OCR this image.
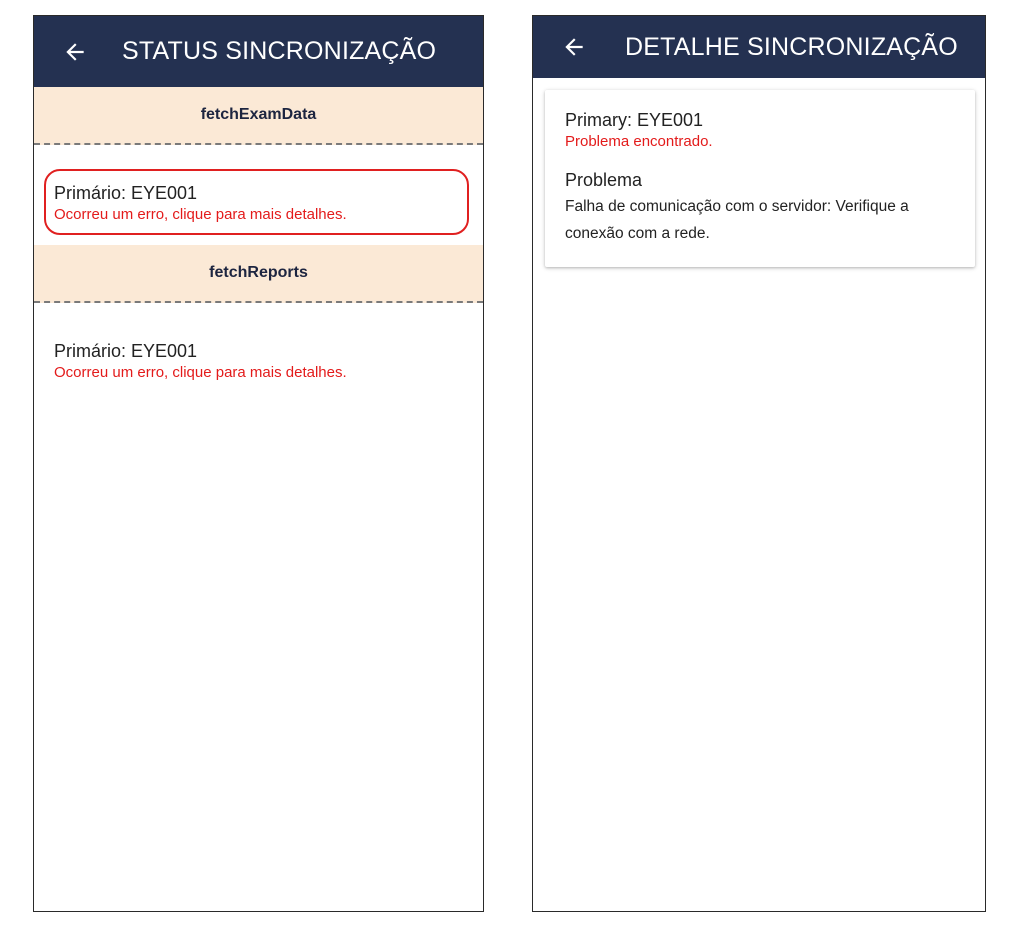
STATUS SINCRONIZAÇÃO
fetchExamData
Primário: EYE001
Ocorreu um erro, clique para mais detalhes.
fetchReports
Primário: EYE001
Ocorreu um erro, clique para mais detalhes.
DETALHE SINCRONIZAÇÃO
Primary: EYE001
Problema encontrado.
Problema
Falha de comunicação com o servidor: Verifique a conexão com a rede.
